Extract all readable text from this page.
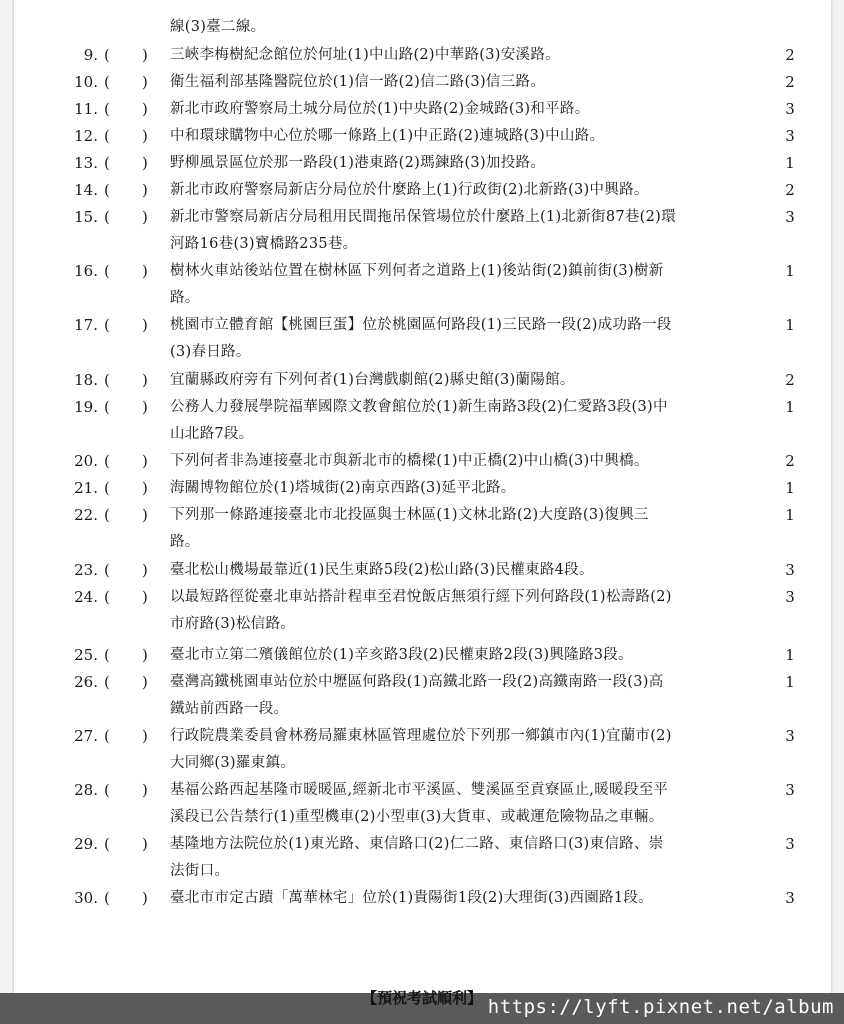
線(3)臺二線。
9. ( ) 三峽李梅樹紀念館位於何址(1)中山路(2)中華路(3)安溪路。	2
10. ( ) 衛生福利部基隆醫院位於(1)信一路(2)信二路(3)信三路。	2
11. ( ) 新北市政府警察局土城分局位於(1)中央路(2)金城路(3)和平路。	3
12. ( ) 中和環球購物中心位於哪一條路上(1)中正路(2)連城路(3)中山路。	3
13. ( ) 野柳風景區位於那一路段(1)港東路(2)瑪鍊路(3)加投路。	1
14. ( ) 新北市政府警察局新店分局位於什麼路上(1)行政街(2)北新路(3)中興路。	2
15. ( ) 新北市警察局新店分局租用民間拖吊保管場位於什麼路上(1)北新街87巷(2)環	3
河路16巷(3)寶橋路235巷。
16. ( ) 樹林火車站後站位置在樹林區下列何者之道路上(1)後站街(2)鎮前街(3)樹新	1
路。
17. ( ) 桃園市立體育館【桃園巨蛋】位於桃園區何路段(1)三民路一段(2)成功路一段	1
(3)春日路。
18. ( ) 宜蘭縣政府旁有下列何者(1)台灣戲劇館(2)縣史館(3)蘭陽館。	2
19. ( ) 公務人力發展學院福華國際文教會館位於(1)新生南路3段(2)仁愛路3段(3)中	1
山北路7段。
20. ( ) 下列何者非為連接臺北市與新北市的橋樑(1)中正橋(2)中山橋(3)中興橋。	2
21. ( ) 海關博物館位於(1)塔城街(2)南京西路(3)延平北路。	1
22. ( ) 下列那一條路連接臺北市北投區與士林區(1)文林北路(2)大度路(3)復興三	1
路。
23. ( ) 臺北松山機場最靠近(1)民生東路5段(2)松山路(3)民權東路4段。	3
24. ( ) 以最短路徑從臺北車站搭計程車至君悅飯店無須行經下列何路段(1)松壽路(2)	3
市府路(3)松信路。
25. ( ) 臺北市立第二殯儀館位於(1)辛亥路3段(2)民權東路2段(3)興隆路3段。	1
26. ( ) 臺灣高鐵桃園車站位於中壢區何路段(1)高鐵北路一段(2)高鐵南路一段(3)高	1
鐵站前西路一段。
27. ( ) 行政院農業委員會林務局羅東林區管理處位於下列那一鄉鎮市內(1)宜蘭市(2)	3
大同鄉(3)羅東鎮。
28. ( ) 基福公路西起基隆市暖暖區,經新北市平溪區、雙溪區至貢寮區止,暖暖段至平	3
溪段已公告禁行(1)重型機車(2)小型車(3)大貨車、或載運危險物品之車輛。
29. ( ) 基隆地方法院位於(1)東光路、東信路口(2)仁二路、東信路口(3)東信路、崇	3
法街口。
30. ( ) 臺北市市定古蹟「萬華林宅」位於(1)貴陽街1段(2)大理街(3)西園路1段。	3
【預祝考試順利】 https://lyft.pixnet.net/album
